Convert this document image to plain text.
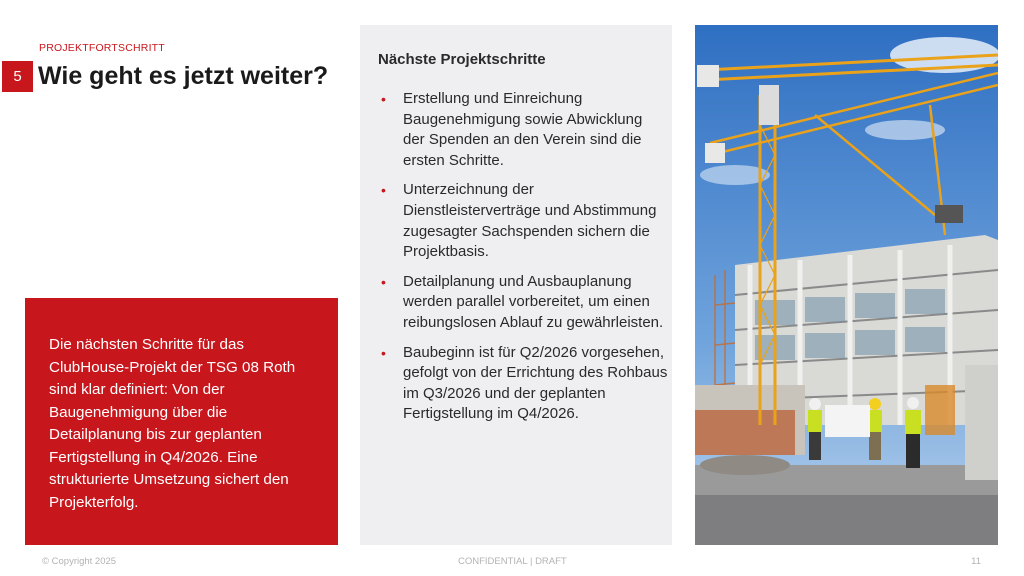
PROJEKTFORTSCHRITT
5 Wie geht es jetzt weiter?

Die nächsten Schritte für das ClubHouse-Projekt der TSG 08 Roth sind klar definiert: Von der Baugenehmigung über die Detailplanung bis zur geplanten Fertigstellung in Q4/2026. Eine strukturierte Umsetzung sichert den Projekterfolg.

Nächste Projektschritte
• Erstellung und Einreichung Baugenehmigung sowie Abwicklung der Spenden an den Verein sind die ersten Schritte.
• Unterzeichnung der Dienstleisterverträge und Abstimmung zugesagter Sachspenden sichern die Projektbasis.
• Detailplanung und Ausbauplanung werden parallel vorbereitet, um einen reibungslosen Ablauf zu gewährleisten.
• Baubeginn ist für Q2/2026 vorgesehen, gefolgt von der Errichtung des Rohbaus im Q3/2026 und der geplanten Fertigstellung im Q4/2026.
© Copyright 2025	CONFIDENTIAL | DRAFT	11
